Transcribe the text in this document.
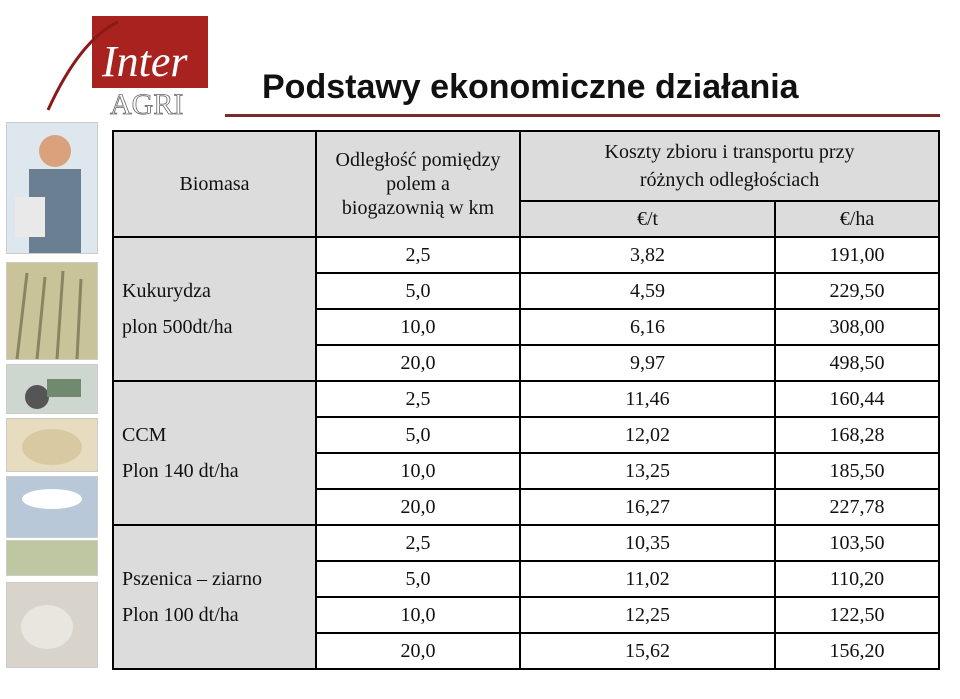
Inter
AGRI Podstawy ekonomiczne działania
Biomasa	Odległość pomiędzy polem a biogazownią w km	Koszty zbioru i transportu przy różnych odległościach	
		€/t	€/ha

Kukurydza
plon 500dt/ha	2,5	3,82	191,00
	5,0	4,59	229,50
	10,0	6,16	308,00
	20,0	9,97	498,50

CCM
Plon 140 dt/ha	2,5	11,46	160,44
	5,0	12,02	168,28
	10,0	13,25	185,50
	20,0	16,27	227,78

Pszenica – ziarno
Plon 100 dt/ha	2,5	10,35	103,50
	5,0	11,02	110,20
	10,0	12,25	122,50
	20,0	15,62	156,20
